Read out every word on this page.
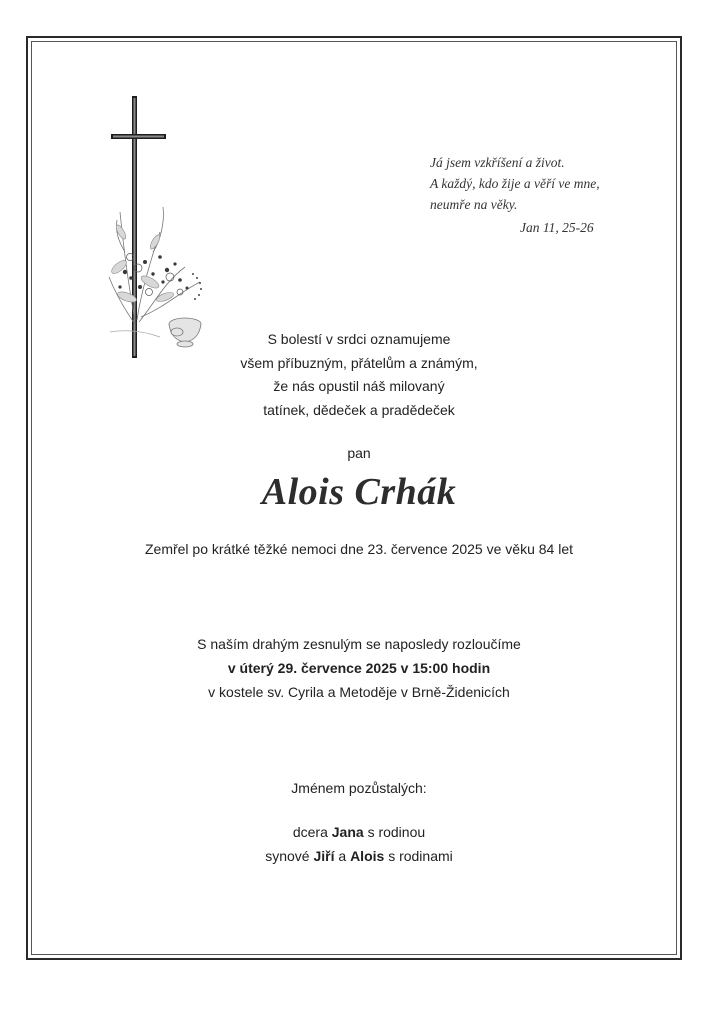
Já jsem vzkříšení a život.
A každý, kdo žije a věří ve mne,
neumře na věky.
Jan 11, 25-26
S bolestí v srdci oznamujeme
všem příbuzným, přátelům a známým,
že nás opustil náš milovaný
tatínek, dědeček a pradědeček
pan
Alois Crhák
Zemřel po krátké těžké nemoci dne 23. července 2025 ve věku 84 let
S naším drahým zesnulým se naposledy rozloučíme
v úterý 29. července 2025 v 15:00 hodin
v kostele sv. Cyrila a Metoděje v Brně-Židenicích
Jménem pozůstalých:
dcera Jana s rodinou
synové Jiří a Alois s rodinami
